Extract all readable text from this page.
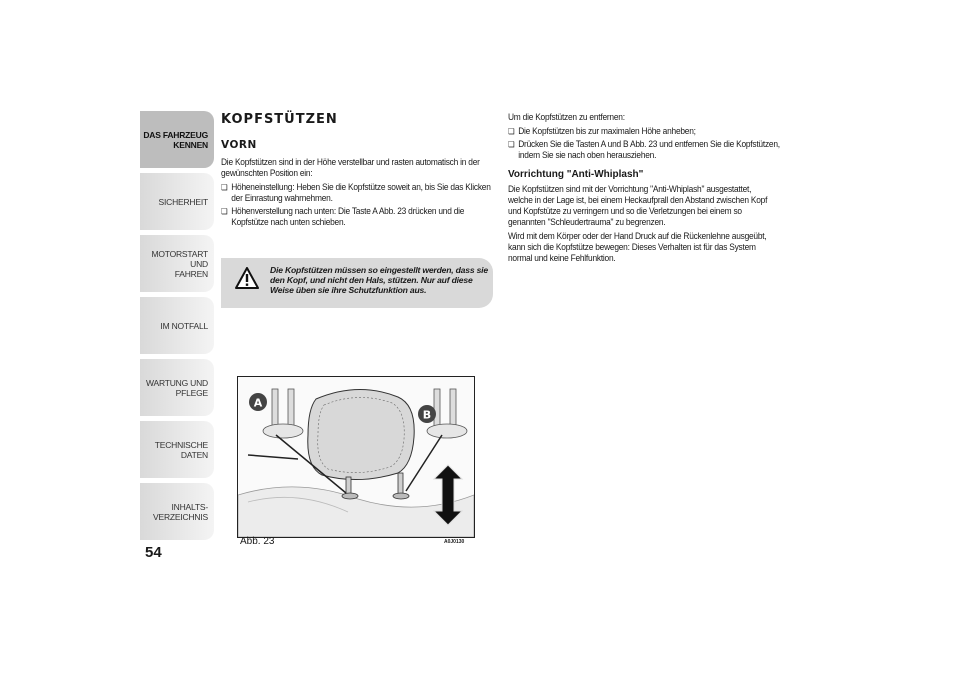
DAS FAHRZEUG
KENNEN
SICHERHEIT
MOTORSTART UND
FAHREN
IM NOTFALL
WARTUNG UND
PFLEGE
TECHNISCHE DATEN
INHALTS-
VERZEICHNIS
54
KOPFSTÜTZEN
VORN
Die Kopfstützen sind in der Höhe verstellbar und rasten automatisch in der gewünschten Position ein:
❏ Höheneinstellung: Heben Sie die Kopfstütze soweit an, bis Sie das Klicken der Einrastung wahrnehmen.
❏ Höhenverstellung nach unten: Die Taste A Abb. 23 drücken und die Kopfstütze nach unten schieben.
Die Kopfstützen müssen so eingestellt werden, dass sie den Kopf, und nicht den Hals, stützen. Nur auf diese Weise üben sie ihre Schutzfunktion aus.
A
B
Abb. 23	A0J0130
Um die Kopfstützen zu entfernen:
❏ Die Kopfstützen bis zur maximalen Höhe anheben;
❏ Drücken Sie die Tasten A und B Abb. 23 und entfernen Sie die Kopfstützen, indem Sie sie nach oben herausziehen.
Vorrichtung "Anti-Whiplash"
Die Kopfstützen sind mit der Vorrichtung "Anti-Whiplash" ausgestattet, welche in der Lage ist, bei einem Heckaufprall den Abstand zwischen Kopf und Kopfstütze zu verringern und so die Verletzungen bei einem so genannten "Schleudertrauma" zu begrenzen.
Wird mit dem Körper oder der Hand Druck auf die Rückenlehne ausgeübt, kann sich die Kopfstütze bewegen: Dieses Verhalten ist für das System normal und keine Fehlfunktion.
